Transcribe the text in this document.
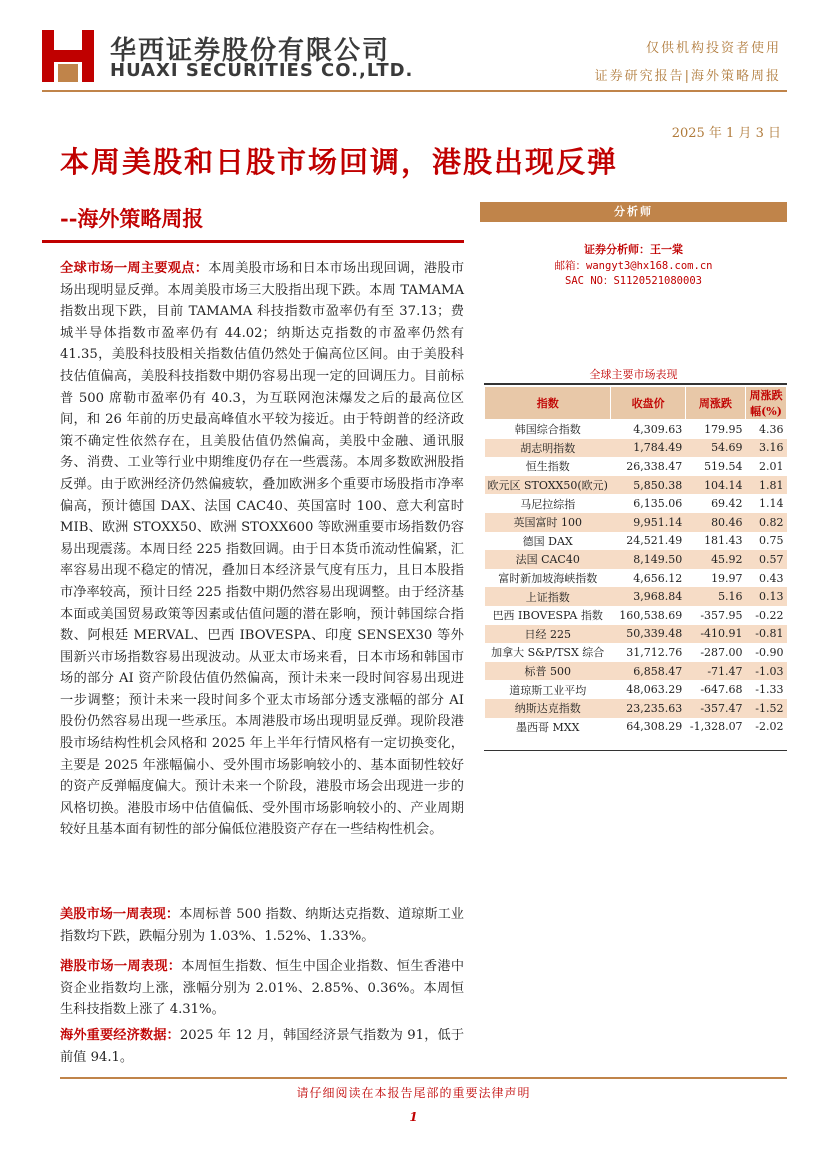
华西证券股份有限公司
HUAXI SECURITIES CO.,LTD.
仅供机构投资者使用
证券研究报告|海外策略周报
2025 年 1 月 3 日
本周美股和日股市场回调，港股出现反弹
--海外策略周报
全球市场一周主要观点：本周美股市场和日本市场出现回调，港股市场出现明显反弹。本周美股市场三大股指出现下跌。本周 TAMAMA 指数出现下跌，目前 TAMAMA 科技指数市盈率仍有至 37.13；费城半导体指数市盈率仍有 44.02；纳斯达克指数的市盈率仍然有 41.35，美股科技股相关指数估值仍然处于偏高位区间。由于美股科技估值偏高，美股科技指数中期仍容易出现一定的回调压力。目前标普 500 席勒市盈率仍有 40.3，为互联网泡沫爆发之后的最高位区间，和 26 年前的历史最高峰值水平较为接近。由于特朗普的经济政策不确定性依然存在，且美股估值仍然偏高，美股中金融、通讯服务、消费、工业等行业中期维度仍存在一些震荡。本周多数欧洲股指反弹。由于欧洲经济仍然偏疲软，叠加欧洲多个重要市场股指市净率偏高，预计德国 DAX、法国 CAC40、英国富时 100、意大利富时 MIB、欧洲 STOXX50、欧洲 STOXX600 等欧洲重要市场指数仍容易出现震荡。本周日经 225 指数回调。由于日本货币流动性偏紧，汇率容易出现不稳定的情况，叠加日本经济景气度有压力，且日本股指市净率较高，预计日经 225 指数中期仍然容易出现调整。由于经济基本面或美国贸易政策等因素或估值问题的潜在影响，预计韩国综合指数、阿根廷 MERVAL、巴西 IBOVESPA、印度 SENSEX30 等外围新兴市场指数容易出现波动。从亚太市场来看，日本市场和韩国市场的部分 AI 资产阶段估值仍然偏高，预计未来一段时间容易出现进一步调整；预计未来一段时间多个亚太市场部分透支涨幅的部分 AI 股份仍然容易出现一些承压。本周港股市场出现明显反弹。现阶段港股市场结构性机会风格和 2025 年上半年行情风格有一定切换变化，主要是 2025 年涨幅偏小、受外围市场影响较小的、基本面韧性较好的资产反弹幅度偏大。预计未来一个阶段，港股市场会出现进一步的风格切换。港股市场中估值偏低、受外围市场影响较小的、产业周期较好且基本面有韧性的部分偏低位港股资产存在一些结构性机会。
美股市场一周表现：本周标普 500 指数、纳斯达克指数、道琼斯工业指数均下跌，跌幅分别为 1.03%、1.52%、1.33%。
港股市场一周表现：本周恒生指数、恒生中国企业指数、恒生香港中资企业指数均上涨，涨幅分别为 2.01%、2.85%、0.36%。本周恒生科技指数上涨了 4.31%。
海外重要经济数据：2025 年 12 月，韩国经济景气指数为 91，低于前值 94.1。
分析师
证券分析师：王一棠
邮箱：wangyt3@hx168.com.cn
SAC NO：S1120521080003
全球主要市场表现
指数	收盘价	周涨跌	周涨跌幅(%)
韩国综合指数	4,309.63	179.95	4.36
胡志明指数	1,784.49	54.69	3.16
恒生指数	26,338.47	519.54	2.01
欧元区 STOXX50(欧元)	5,850.38	104.14	1.81
马尼拉综指	6,135.06	69.42	1.14
英国富时 100	9,951.14	80.46	0.82
德国 DAX	24,521.49	181.43	0.75
法国 CAC40	8,149.50	45.92	0.57
富时新加坡海峡指数	4,656.12	19.97	0.43
上证指数	3,968.84	5.16	0.13
巴西 IBOVESPA 指数	160,538.69	-357.95	-0.22
日经 225	50,339.48	-410.91	-0.81
加拿大 S&P/TSX 综合	31,712.76	-287.00	-0.90
标普 500	6,858.47	-71.47	-1.03
道琼斯工业平均	48,063.29	-647.68	-1.33
纳斯达克指数	23,235.63	-357.47	-1.52
墨西哥 MXX	64,308.29	-1,328.07	-2.02
请仔细阅读在本报告尾部的重要法律声明
1
